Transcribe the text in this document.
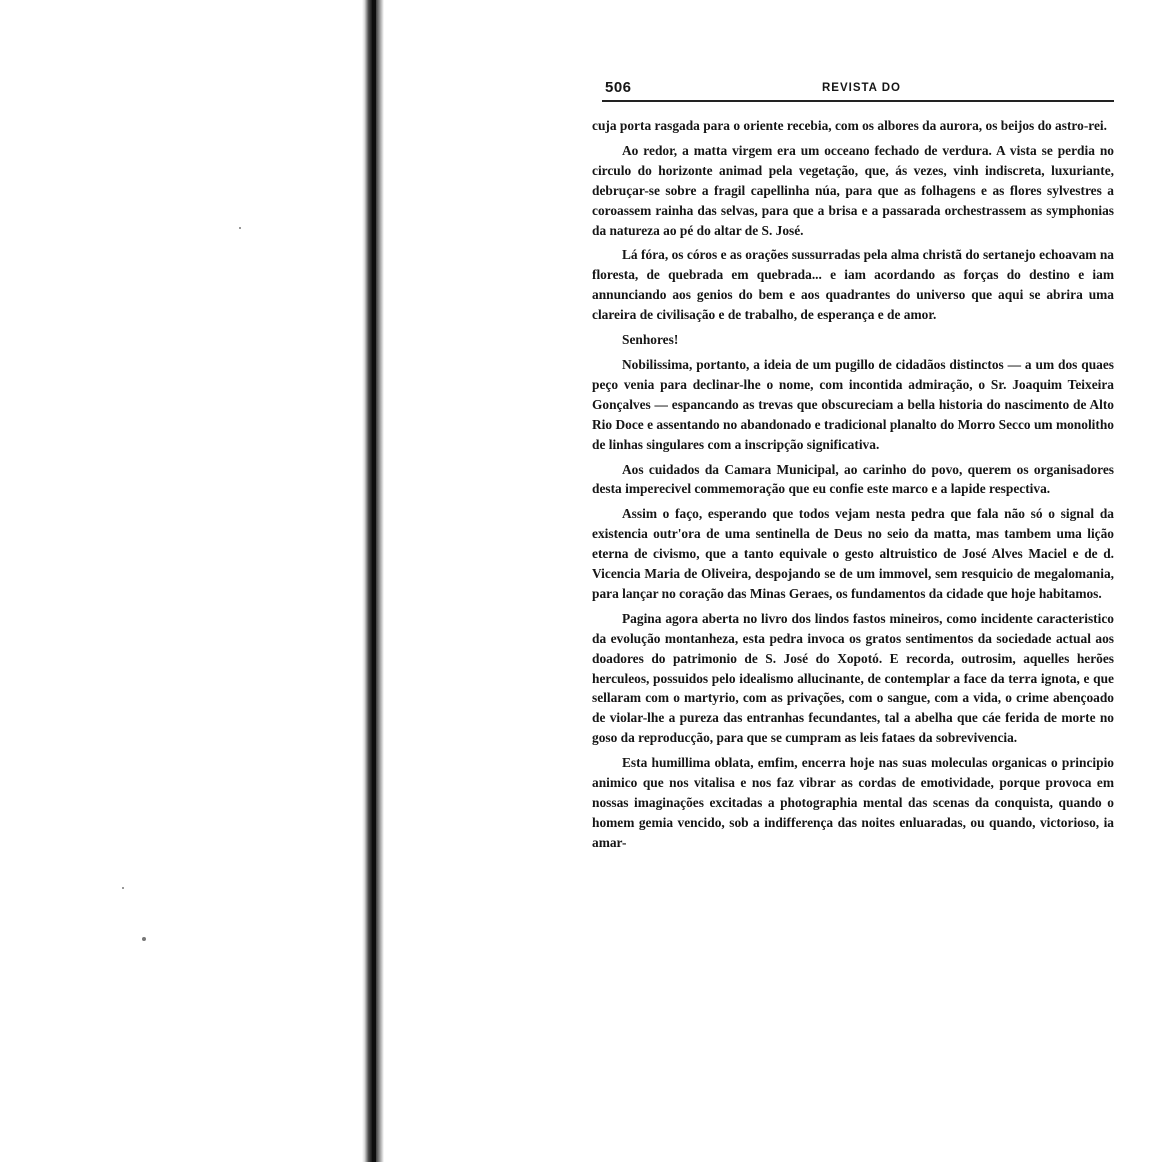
506	REVISTA DO

cuja porta rasgada para o oriente recebia, com os albores da aurora, os beijos do astro-rei.

Ao redor, a matta virgem era um occeano fechado de verdura. A vista se perdia no circulo do horizonte animad pela vegetação, que, ás vezes, vinh indiscreta, luxuriante, debruçar-se sobre a fragil capellinha núa, para que as folhagens e as flores sylvestres a coroassem rainha das selvas, para que a brisa e a passarada orchestrassem as symphonias da natureza ao pé do altar de S. José.

Lá fóra, os córos e as orações sussurradas pela alma christã do sertanejo echoavam na floresta, de quebrada em quebrada... e iam acordando as forças do destino e iam annunciando aos genios do bem e aos quadrantes do universo que aqui se abrira uma clareira de civilisação e de trabalho, de esperança e de amor.

Senhores!

Nobilissima, portanto, a ideia de um pugillo de cidadãos distinctos — a um dos quaes peço venia para declinar-lhe o nome, com incontida admiração, o Sr. Joaquim Teixeira Gonçalves — espancando as trevas que obscureciam a bella historia do nascimento de Alto Rio Doce e assentando no abandonado e tradicional planalto do Morro Secco um monolitho de linhas singulares com a inscripção significativa.

Aos cuidados da Camara Municipal, ao carinho do povo, querem os organisadores desta imperecivel commemoração que eu confie este marco e a lapide respectiva.

Assim o faço, esperando que todos vejam nesta pedra que fala não só o signal da existencia outr'ora de uma sentinella de Deus no seio da matta, mas tambem uma lição eterna de civismo, que a tanto equivale o gesto altruistico de José Alves Maciel e de d. Vicencia Maria de Oliveira, despojando se de um immovel, sem resquicio de megalomania, para lançar no coração das Minas Geraes, os fundamentos da cidade que hoje habitamos.

Pagina agora aberta no livro dos lindos fastos mineiros, como incidente caracteristico da evolução montanheza, esta pedra invoca os gratos sentimentos da sociedade actual aos doadores do patrimonio de S. José do Xopotó. E recorda, outrosim, aquelles herões herculeos, possuidos pelo idealismo allucinante, de contemplar a face da terra ignota, e que sellaram com o martyrio, com as privações, com o sangue, com a vida, o crime abençoado de violar-lhe a pureza das entranhas fecundantes, tal a abelha que cáe ferida de morte no goso da reproducção, para que se cumpram as leis fataes da sobrevivencia.

Esta humillima oblata, emfim, encerra hoje nas suas moleculas organicas o principio animico que nos vitalisa e nos faz vibrar as cordas de emotividade, porque provoca em nossas imaginações excitadas a photographia mental das scenas da conquista, quando o homem gemia vencido, sob a indifferença das noites enluaradas, ou quando, victorioso, ia amar-
